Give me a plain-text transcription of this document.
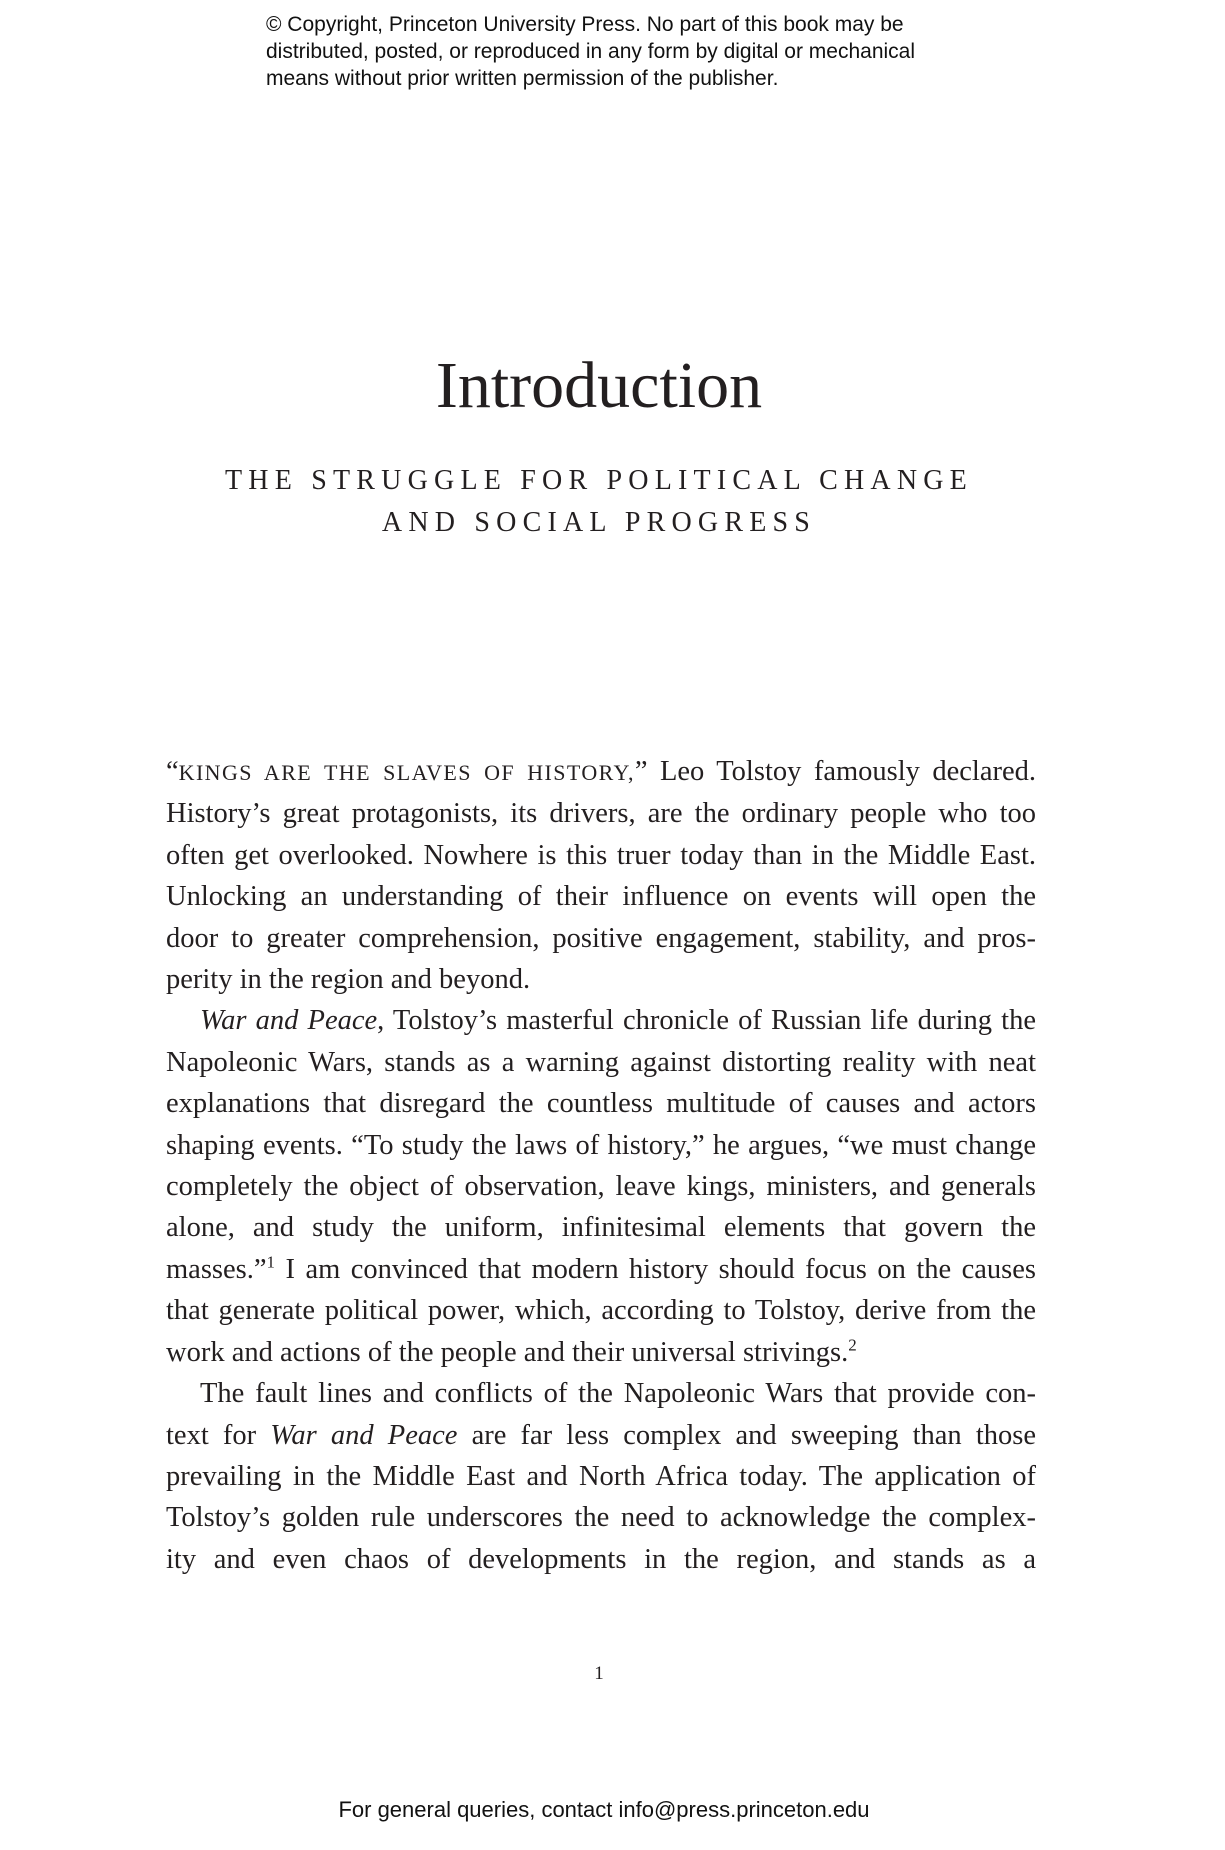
© Copyright, Princeton University Press. No part of this book may be
distributed, posted, or reproduced in any form by digital or mechanical
means without prior written permission of the publisher.
Introduction
THE STRUGGLE FOR POLITICAL CHANGE
AND SOCIAL PROGRESS
“KINGS ARE THE SLAVES OF HISTORY,” Leo Tolstoy famously declared.
History’s great protagonists, its drivers, are the ordinary people who too
often get overlooked. Nowhere is this truer today than in the Middle East.
Unlocking an understanding of their influence on events will open the
door to greater comprehension, positive engagement, stability, and pros-
perity in the region and beyond.
War and Peace, Tolstoy’s masterful chronicle of Russian life during the
Napoleonic Wars, stands as a warning against distorting reality with neat
explanations that disregard the countless multitude of causes and actors
shaping events. “To study the laws of history,” he argues, “we must change
completely the object of observation, leave kings, ministers, and generals
alone, and study the uniform, infinitesimal elements that govern the
masses.”$^1$ I am convinced that modern history should focus on the causes
that generate political power, which, according to Tolstoy, derive from the
work and actions of the people and their universal strivings.$^2$
The fault lines and conflicts of the Napoleonic Wars that provide con-
text for War and Peace are far less complex and sweeping than those
prevailing in the Middle East and North Africa today. The application of
Tolstoy’s golden rule underscores the need to acknowledge the complex-
ity and even chaos of developments in the region, and stands as a
1
For general queries, contact info@press.princeton.edu
